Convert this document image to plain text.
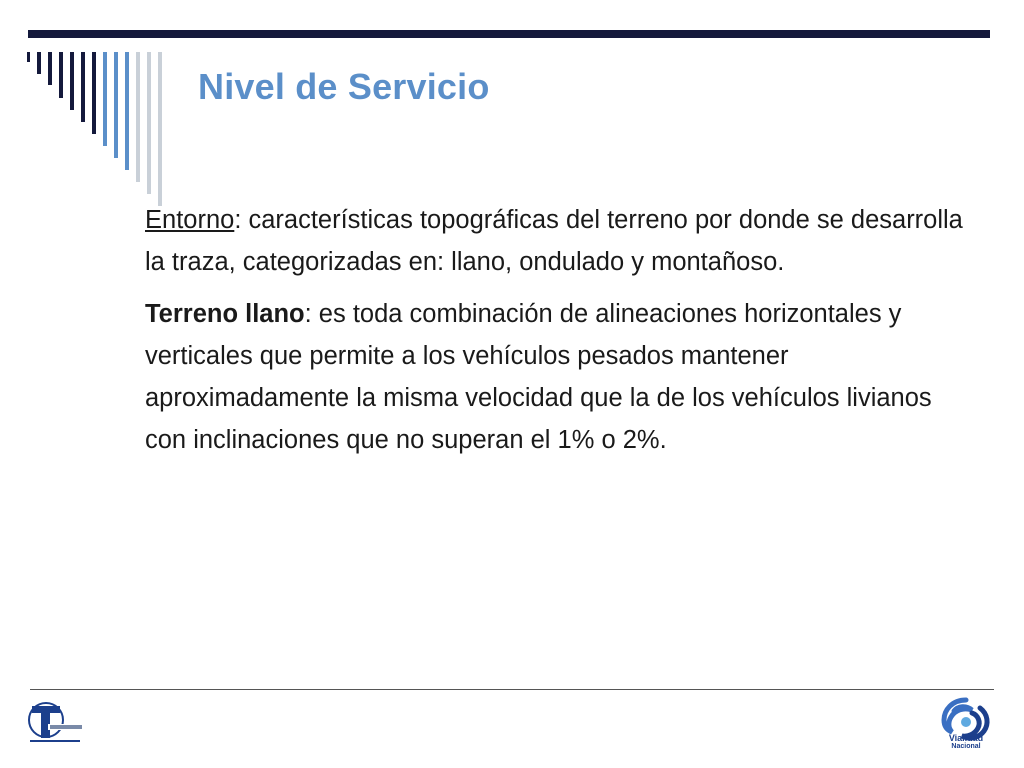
Nivel de Servicio

Entorno: características topográficas del terreno por donde se desarrolla la traza, categorizadas en: llano, ondulado y montañoso.

Terreno llano: es toda combinación de alineaciones horizontales y verticales que permite a los vehículos pesados mantener aproximadamente la misma velocidad que la de los vehículos livianos con inclinaciones que no superan el 1% o 2%.

Vialidad
Nacional
